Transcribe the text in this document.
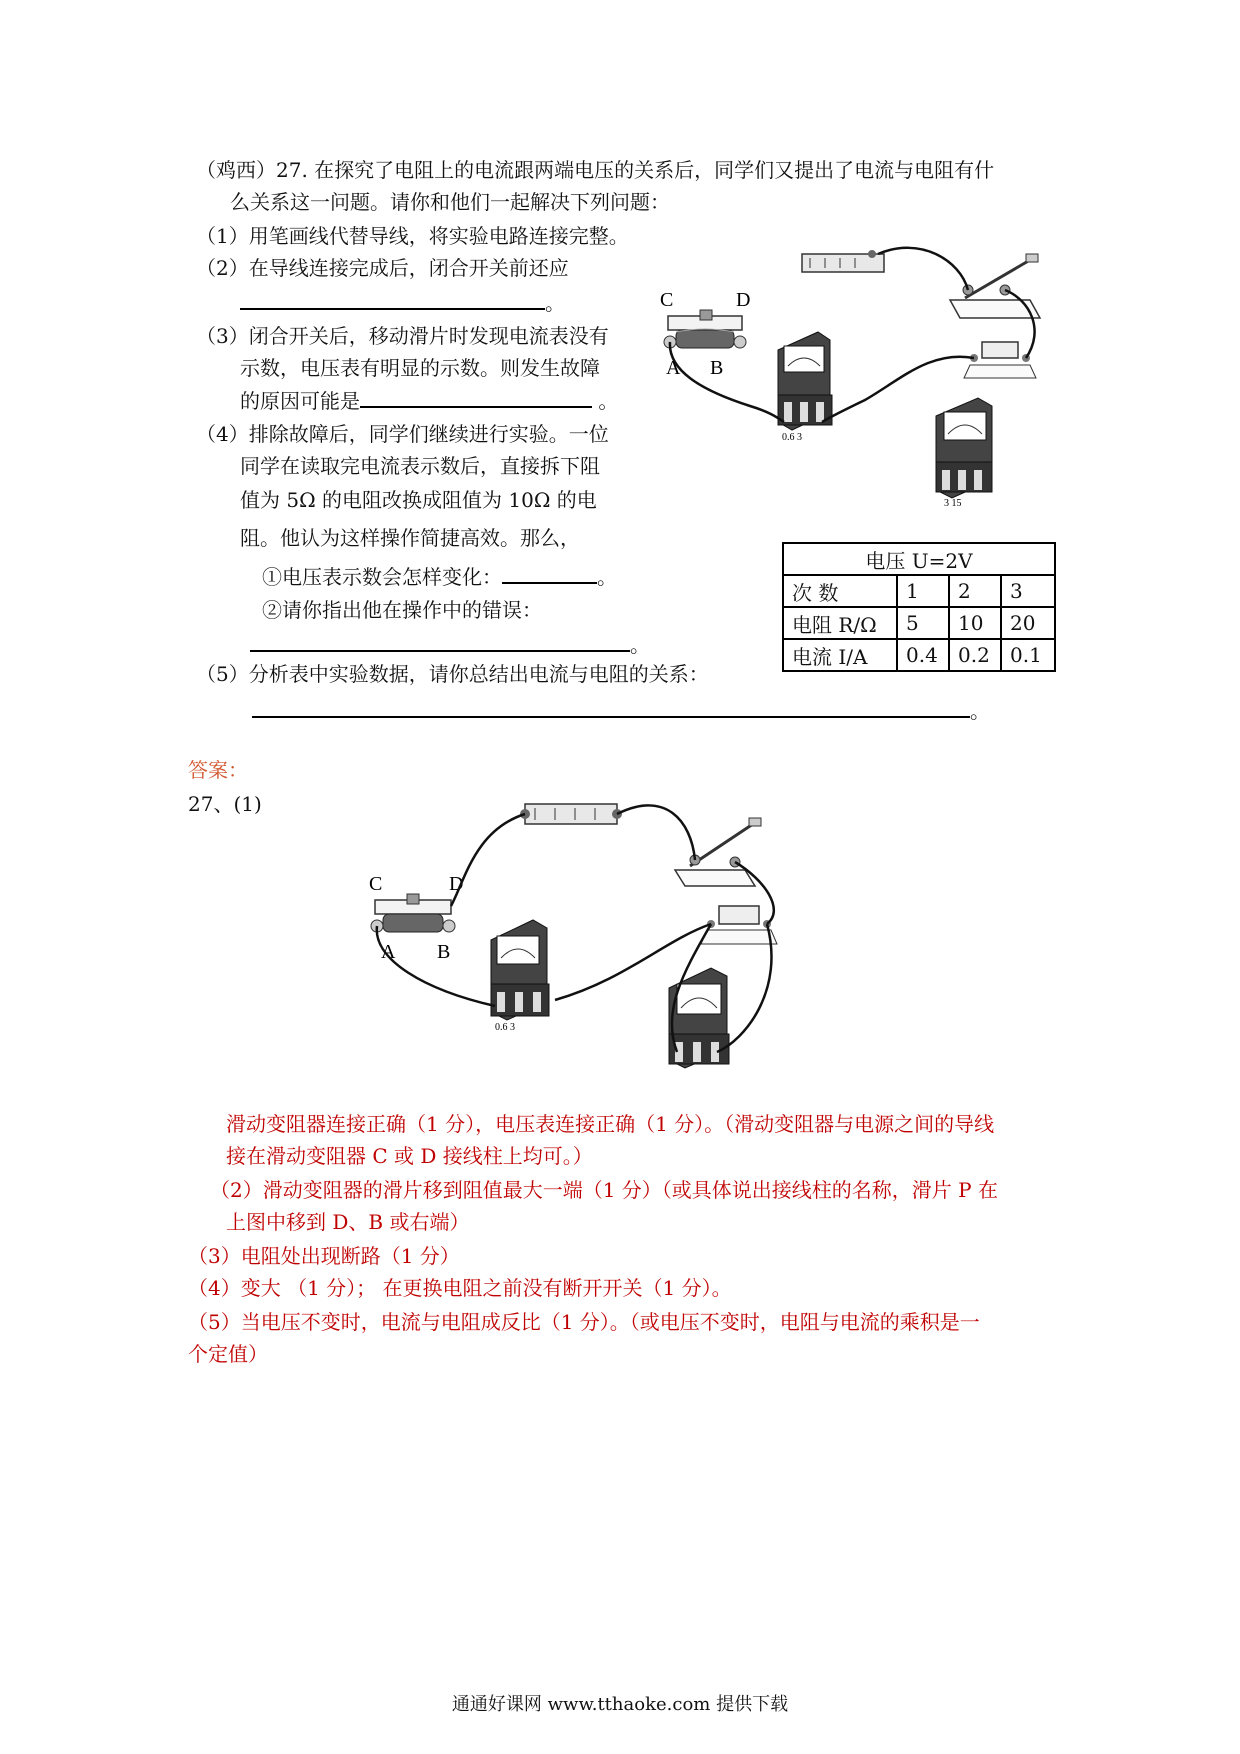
（鸡西）27. 在探究了电阻上的电流跟两端电压的关系后，同学们又提出了电流与电阻有什
么关系这一问题。请你和他们一起解决下列问题：
（1）用笔画线代替导线，将实验电路连接完整。
（2）在导线连接完成后，闭合开关前还应
。
（3）闭合开关后，移动滑片时发现电流表没有
示数，电压表有明显的示数。则发生故障
的原因可能是	。
（4）排除故障后，同学们继续进行实验。一位
同学在读取完电流表示数后，直接拆下阻
值为 5Ω 的电阻改换成阻值为 10Ω 的电
阻。他认为这样操作简捷高效。那么，
①电压表示数会怎样变化：	。
②请你指出他在操作中的错误：
。
（5）分析表中实验数据，请你总结出电流与电阻的关系：
。
电压 U=2V			
次 数	1	2	3
电阻 R/Ω	5	10	20
电流 I/A	0.4	0.2	0.1
C	D
A B
0.6 3
3 15
答案：
27、(1)
C	D
A B
0.6 3
滑动变阻器连接正确（1 分），电压表连接正确（1 分）。（滑动变阻器与电源之间的导线
接在滑动变阻器 C 或 D 接线柱上均可。）
（2）滑动变阻器的滑片移到阻值最大一端（1 分）（或具体说出接线柱的名称，滑片 P 在
上图中移到 D、B 或右端）
（3）电阻处出现断路（1 分）
（4）变大 （1 分）； 在更换电阻之前没有断开开关（1 分）。
（5）当电压不变时，电流与电阻成反比（1 分）。（或电压不变时，电阻与电流的乘积是一
个定值）
通通好课网 www.tthaoke.com 提供下载
